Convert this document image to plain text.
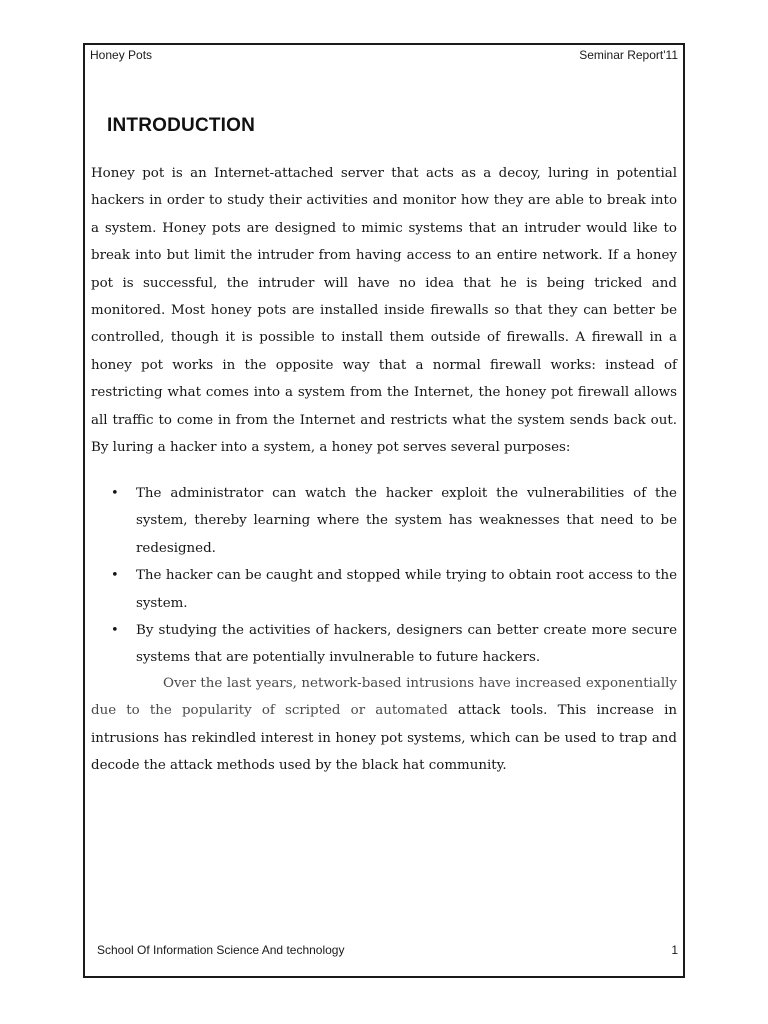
Honey Pots	Seminar Report'11
INTRODUCTION

Honey pot is an Internet-attached server that acts as a decoy, luring in potential hackers in order to study their activities and monitor how they are able to break into a system. Honey pots are designed to mimic systems that an intruder would like to break into but limit the intruder from having access to an entire network. If a honey pot is successful, the intruder will have no idea that he is being tricked and monitored. Most honey pots are installed inside firewalls so that they can better be controlled, though it is possible to install them outside of firewalls. A firewall in a honey pot works in the opposite way that a normal firewall works: instead of restricting what comes into a system from the Internet, the honey pot firewall allows all traffic to come in from the Internet and restricts what the system sends back out. By luring a hacker into a system, a honey pot serves several purposes:

• The administrator can watch the hacker exploit the vulnerabilities of the system, thereby learning where the system has weaknesses that need to be redesigned.
• The hacker can be caught and stopped while trying to obtain root access to the system.
• By studying the activities of hackers, designers can better create more secure systems that are potentially invulnerable to future hackers.

Over the last years, network-based intrusions have increased exponentially due to the popularity of scripted or automated attack tools. This increase in intrusions has rekindled interest in honey pot systems, which can be used to trap and decode the attack methods used by the black hat community.

School Of Information Science And technology	1
